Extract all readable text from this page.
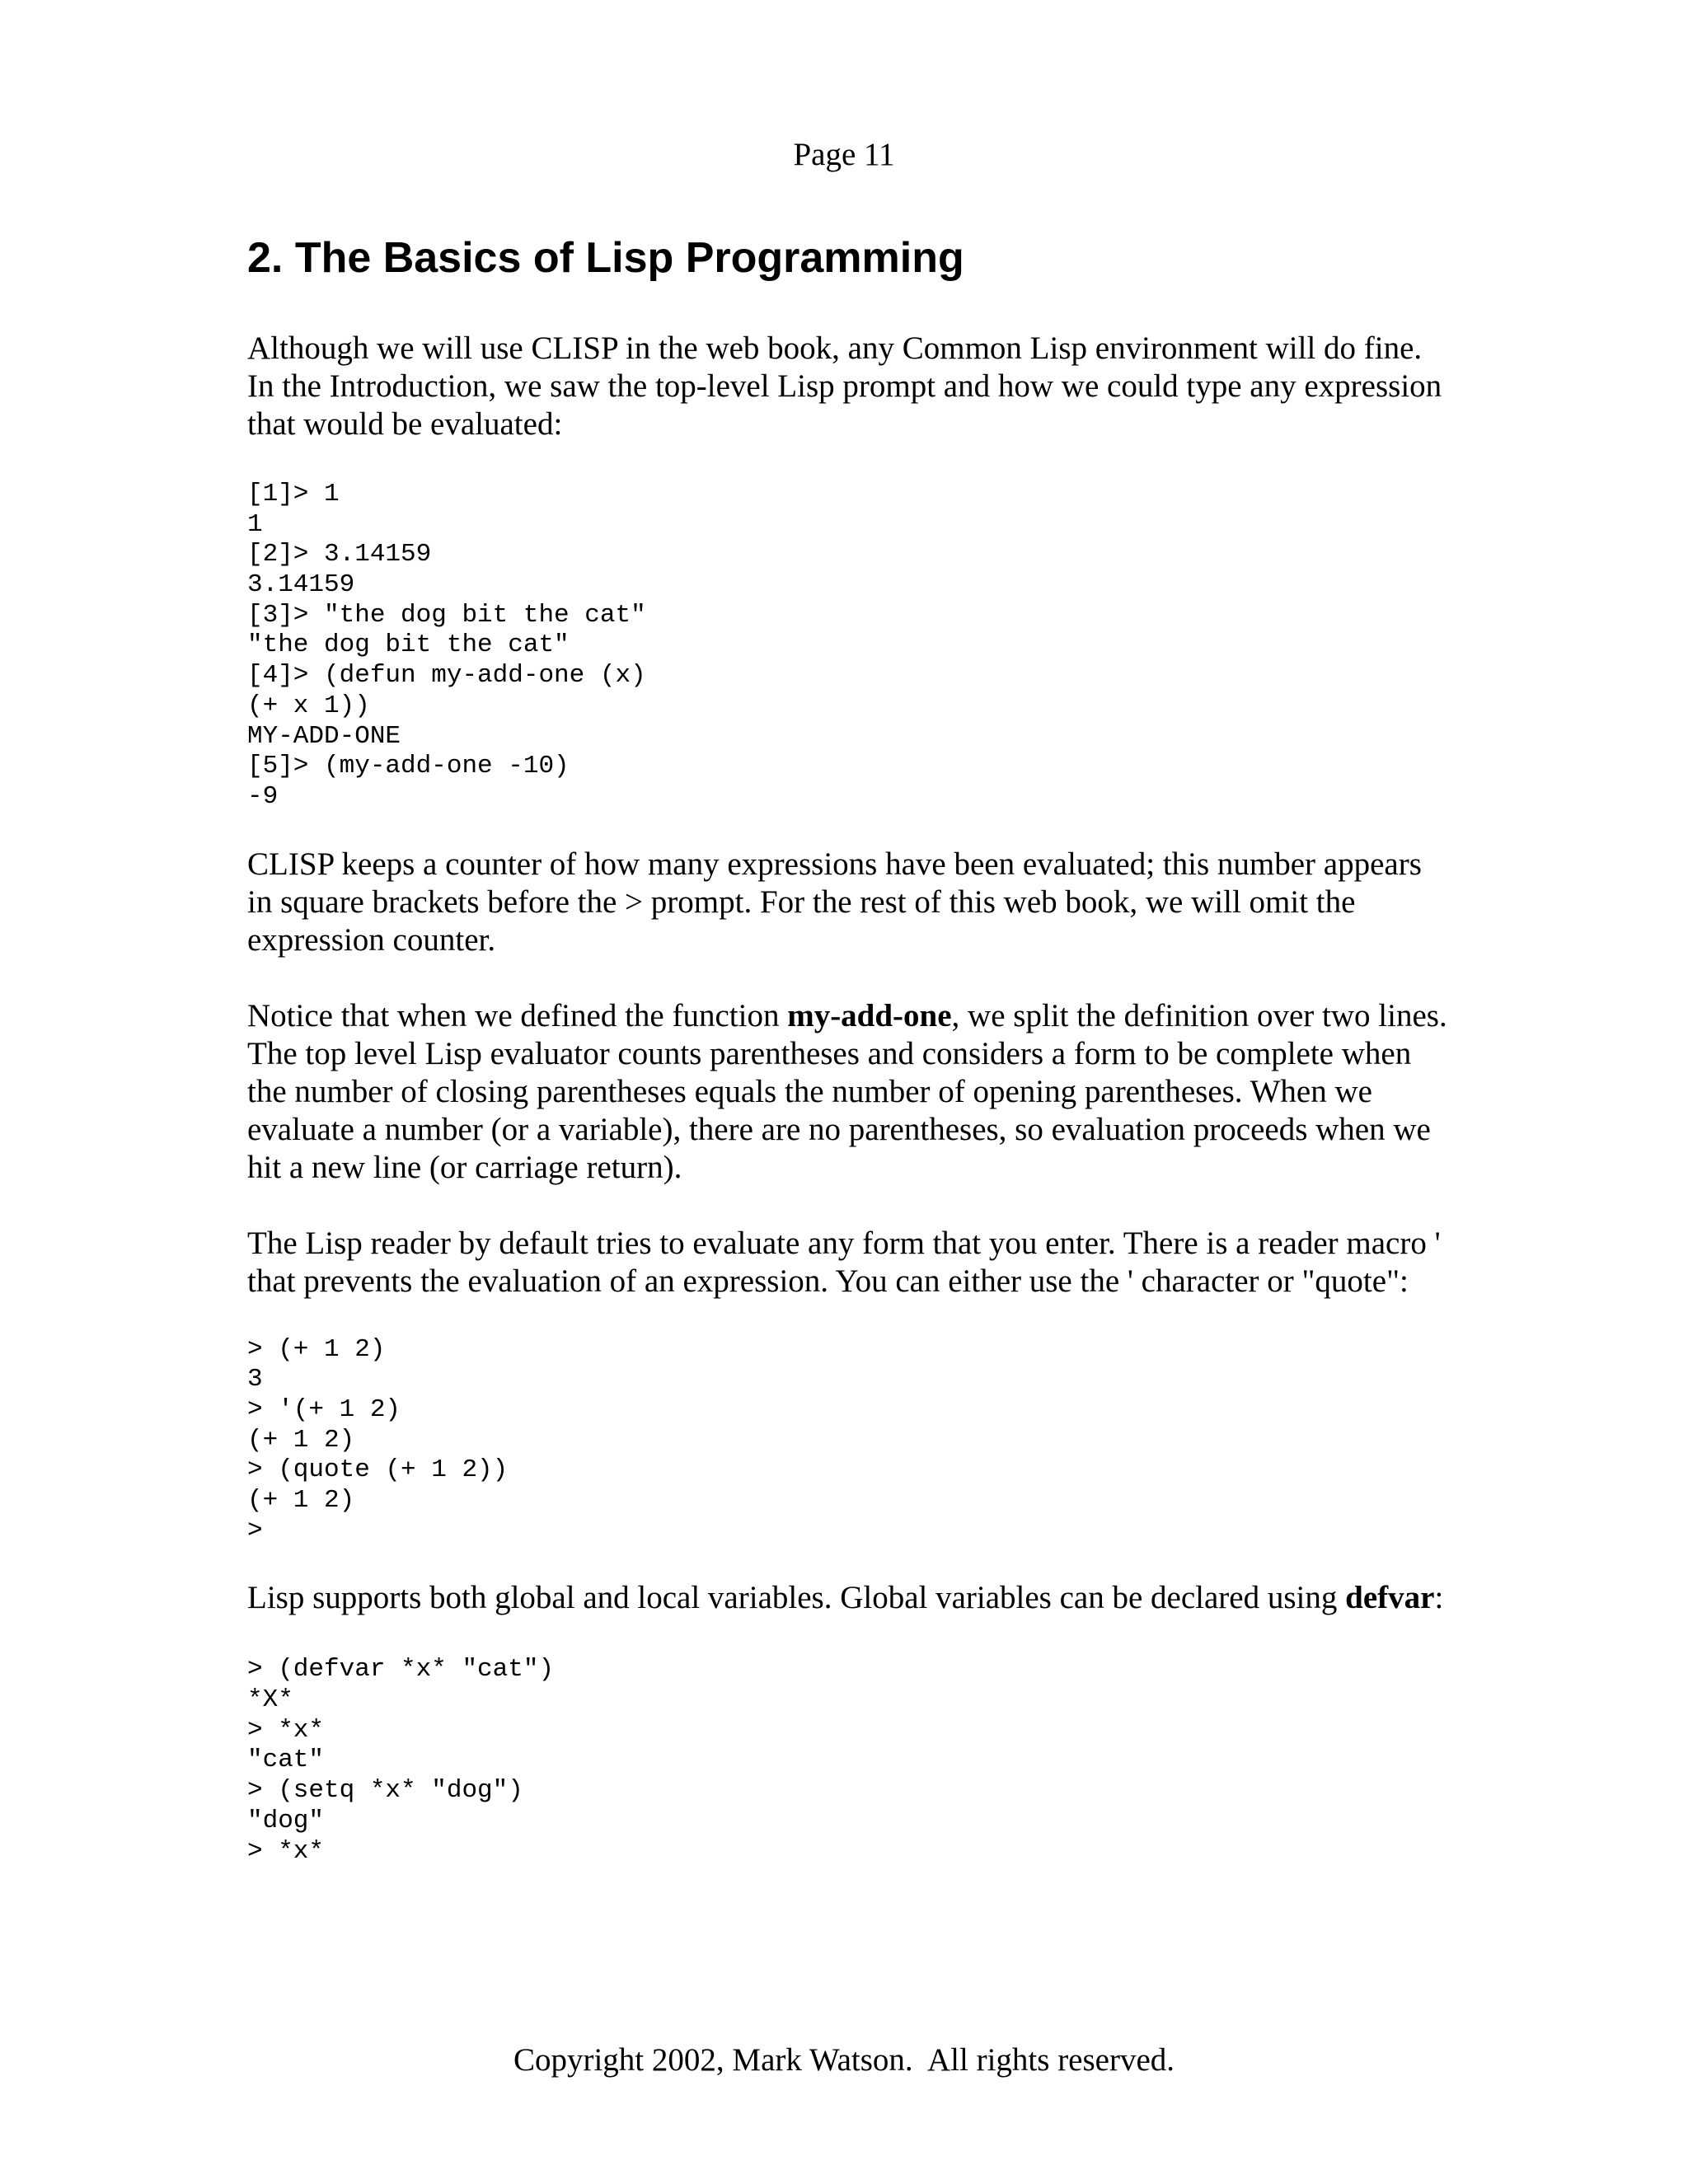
Page 11
2. The Basics of Lisp Programming

Although we will use CLISP in the web book, any Common Lisp environment will do fine. In the Introduction, we saw the top-level Lisp prompt and how we could type any expression that would be evaluated:

[1]> 1
1
[2]> 3.14159
3.14159
[3]> "the dog bit the cat"
"the dog bit the cat"
[4]> (defun my-add-one (x)
(+ x 1))
MY-ADD-ONE
[5]> (my-add-one -10)
-9

CLISP keeps a counter of how many expressions have been evaluated; this number appears in square brackets before the > prompt. For the rest of this web book, we will omit the expression counter.

Notice that when we defined the function my-add-one, we split the definition over two lines. The top level Lisp evaluator counts parentheses and considers a form to be complete when the number of closing parentheses equals the number of opening parentheses. When we evaluate a number (or a variable), there are no parentheses, so evaluation proceeds when we hit a new line (or carriage return).

The Lisp reader by default tries to evaluate any form that you enter. There is a reader macro ' that prevents the evaluation of an expression. You can either use the ' character or "quote":

> (+ 1 2)
3
> '(+ 1 2)
(+ 1 2)
> (quote (+ 1 2))
(+ 1 2)
>

Lisp supports both global and local variables. Global variables can be declared using defvar:

> (defvar *x* "cat")
*X*
> *x*
"cat"
> (setq *x* "dog")
"dog"
> *x*
Copyright 2002, Mark Watson.  All rights reserved.
